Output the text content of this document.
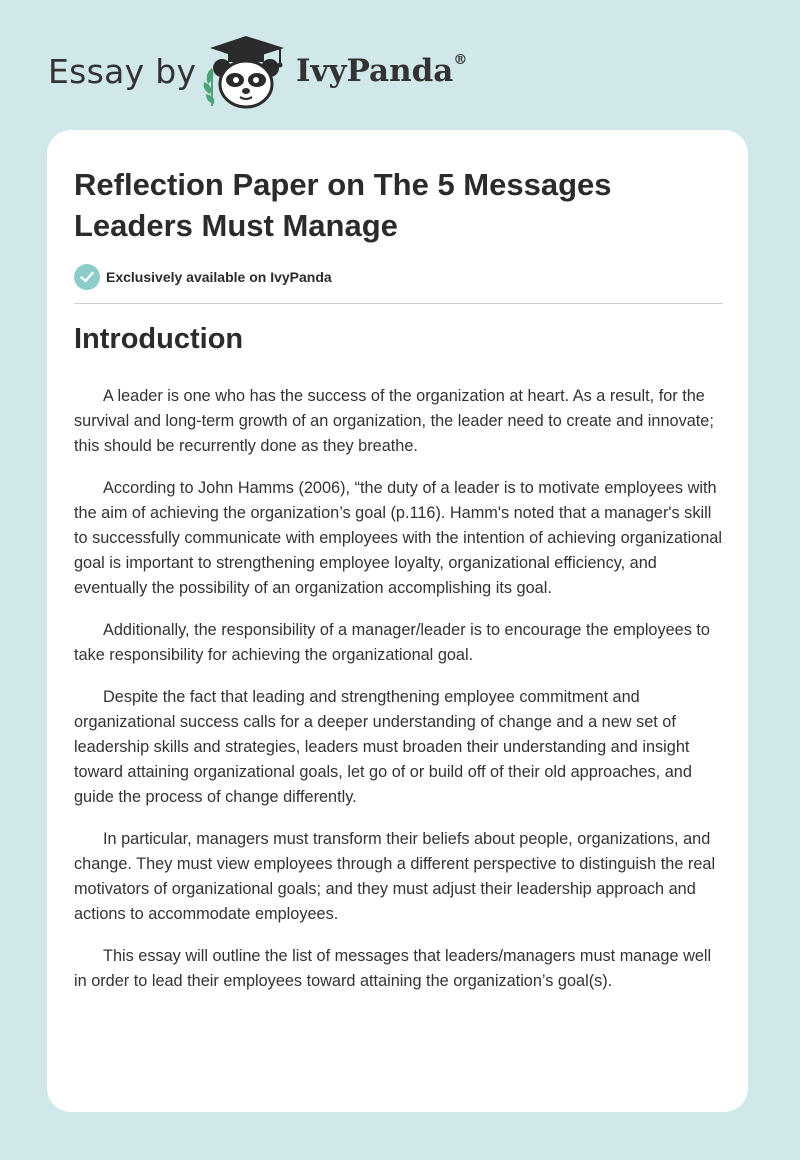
Essay by	IvyPanda®
Reflection Paper on The 5 Messages Leaders Must Manage
Exclusively available on IvyPanda
Introduction

A leader is one who has the success of the organization at heart. As a result, for the survival and long-term growth of an organization, the leader need to create and innovate; this should be recurrently done as they breathe.

According to John Hamms (2006), “the duty of a leader is to motivate employees with the aim of achieving the organization’s goal (p.116). Hamm's noted that a manager's skill to successfully communicate with employees with the intention of achieving organizational goal is important to strengthening employee loyalty, organizational efficiency, and eventually the possibility of an organization accomplishing its goal.

Additionally, the responsibility of a manager/leader is to encourage the employees to take responsibility for achieving the organizational goal.

Despite the fact that leading and strengthening employee commitment and organizational success calls for a deeper understanding of change and a new set of leadership skills and strategies, leaders must broaden their understanding and insight toward attaining organizational goals, let go of or build off of their old approaches, and guide the process of change differently.

In particular, managers must transform their beliefs about people, organizations, and change. They must view employees through a different perspective to distinguish the real motivators of organizational goals; and they must adjust their leadership approach and actions to accommodate employees.

This essay will outline the list of messages that leaders/managers must manage well in order to lead their employees toward attaining the organization’s goal(s).
